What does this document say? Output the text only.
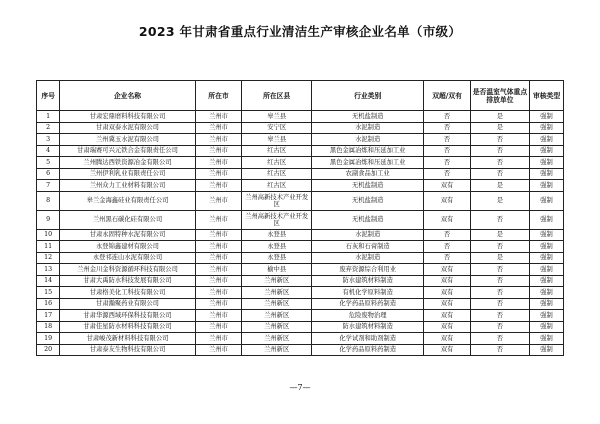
2023 年甘肃省重点行业清洁生产审核企业名单（市级）
序号	企业名称	所在市	所在区县	行业类别	双超/双有	是否温室气体重点排放单位	审核类型
1	甘肃宏鼎磨料科技有限公司	兰州市	皋兰县	无机盐制造	否	是	强制
2	甘肃双泰水泥有限公司	兰州市	安宁区	水泥制造	否	是	强制
3	兰州冀玉水泥有限公司	兰州市	皋兰县	水泥制造	否	否	强制
4	甘肃瑞赛可兴元铁合金有限责任公司	兰州市	红古区	黑色金属冶炼和压延加工业	否	否	强制
5	兰州腾达西铁资源冶金有限公司	兰州市	红古区	黑色金属冶炼和压延加工业	否	否	强制
6	兰州伊利乳业有限责任公司	兰州市	红古区	农副食品加工业	否	否	强制
7	兰州众力工业材料有限公司	兰州市	红古区	无机盐制造	双有	是	强制
8	皋兰金海鑫硅业有限责任公司	兰州市	兰州高新技术产业开发区	无机盐制造	双有	是	强制
9	兰州黑石碳化硅有限公司	兰州市	兰州高新技术产业开发区	无机盐制造	双有	否	强制
10	甘肃永固特种水泥有限公司	兰州市	永登县	水泥制造	否	是	强制
11	永登锦鑫建材有限公司	兰州市	永登县	石灰和石膏制造	否	否	强制
12	永登祁连山水泥有限公司	兰州市	永登县	水泥制造	否	是	强制
13	兰州金川金科资源循环科技有限公司	兰州市	榆中县	废弃资源综合利用业	双有	否	强制
14	甘肃大禹防水科技发展有限公司	兰州市	兰州新区	防水建筑材料制造	双有	否	强制
15	甘肃格美化工科技有限公司	兰州市	兰州新区	有机化学原料制造	双有	否	强制
16	甘肃瀚聚药业有限公司	兰州市	兰州新区	化学药品原料药制造	双有	否	强制
17	甘肃华源西域环保科技有限公司	兰州市	兰州新区	危险废物治理	双有	否	强制
18	甘肃佳星防水材料科技有限公司	兰州市	兰州新区	防水建筑材料制造	双有	否	强制
19	甘肃峻茂新材料科技有限公司	兰州市	兰州新区	化学试剂和助剂制造	双有	否	强制
20	甘肃泰友生物科技有限公司	兰州市	兰州新区	化学药品原料药制造	双有	否	强制
—7—
